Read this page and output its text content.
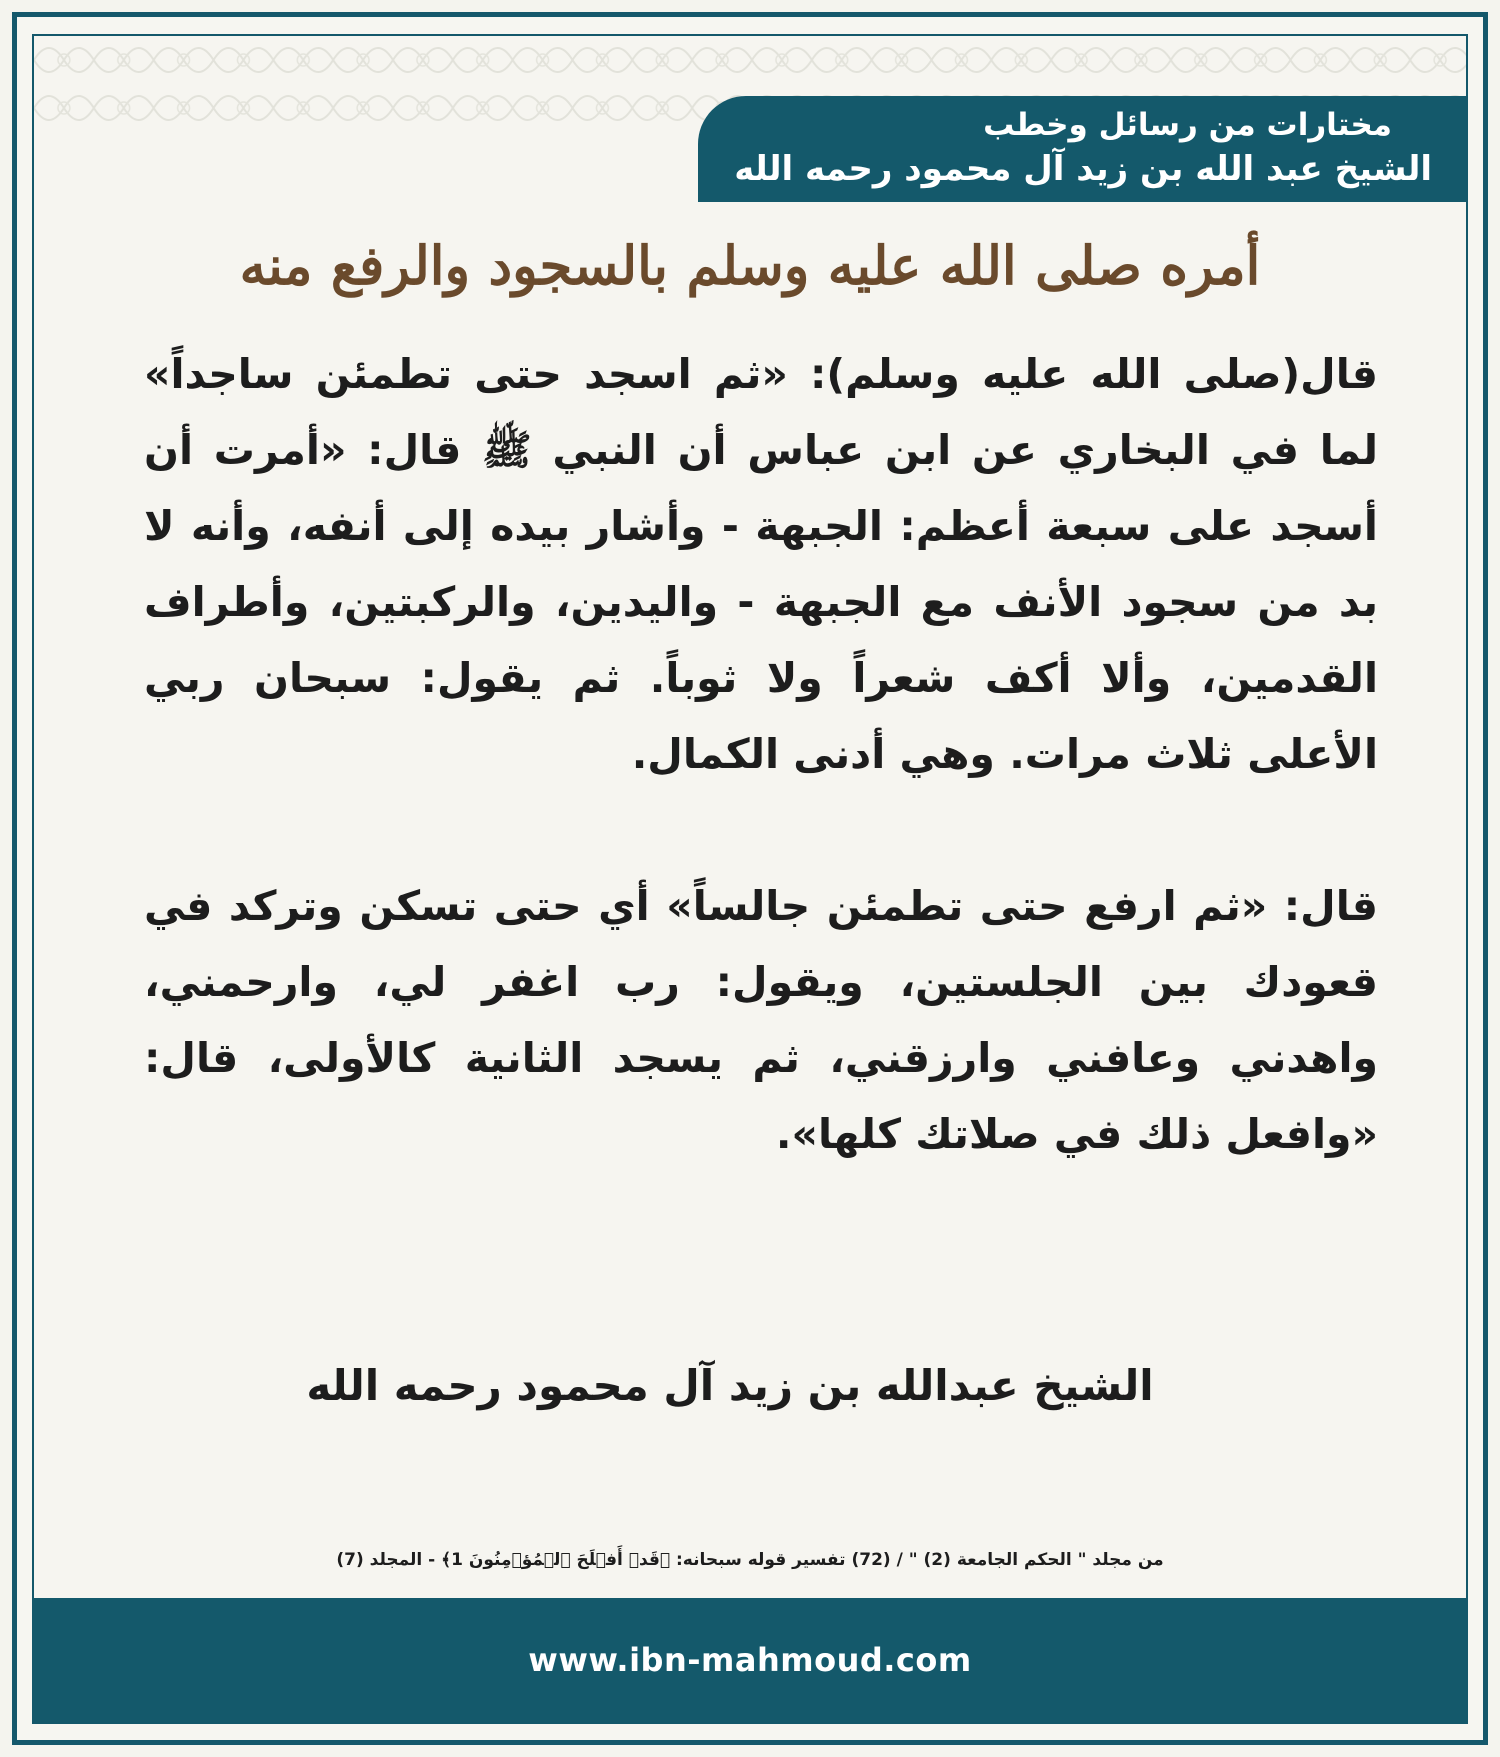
مختارات من رسائل وخطب
الشيخ عبد الله بن زيد آل محمود رحمه الله
أمره صلى الله عليه وسلم بالسجود والرفع منه

قال(صلى الله عليه وسلم): «ثم اسجد حتى تطمئن ساجداً» لما في البخاري عن ابن عباس أن النبي ﷺ قال: «أمرت أن أسجد على سبعة أعظم: الجبهة - وأشار بيده إلى أنفه، وأنه لا بد من سجود الأنف مع الجبهة - واليدين، والركبتين، وأطراف القدمين، وألا أكف شعراً ولا ثوباً. ثم يقول: سبحان ربي الأعلى ثلاث مرات. وهي أدنى الكمال.

قال: «ثم ارفع حتى تطمئن جالساً» أي حتى تسكن وتركد في قعودك بين الجلستين، ويقول: رب اغفر لي، وارحمني، واهدني وعافني وارزقني، ثم يسجد الثانية كالأولى، قال: «وافعل ذلك في صلاتك كلها».

الشيخ عبدالله بن زيد آل محمود رحمه الله
من مجلد " الحكم الجامعة (2) " / (72) تفسير قوله سبحانه: ﴿قَدۡ أَفۡلَحَ ٱلۡمُؤۡمِنُونَ 1﴾ - المجلد (7)
www.ibn-mahmoud.com
